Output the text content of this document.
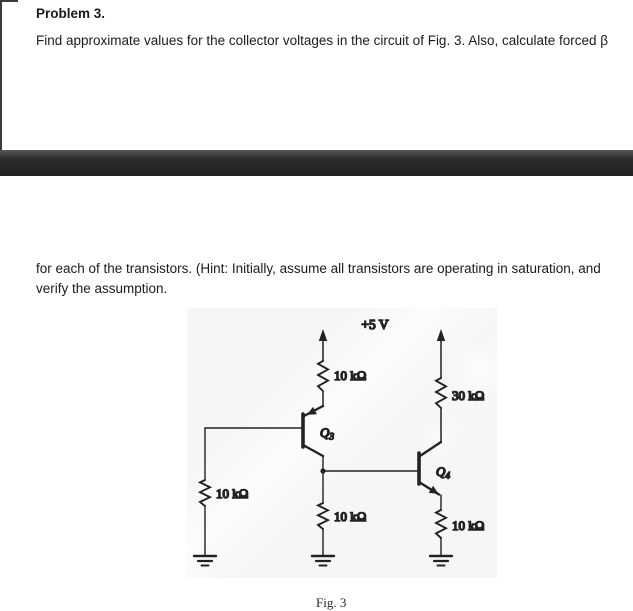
Problem 3.
Find approximate values for the collector voltages in the circuit of Fig. 3. Also, calculate forced β
for each of the transistors. (Hint: Initially, assume all transistors are operating in saturation, and
verify the assumption.
+5 V
10 kΩ
Q 3
10 kΩ
10 kΩ
30 kΩ
Q 4
10 kΩ
Fig. 3
